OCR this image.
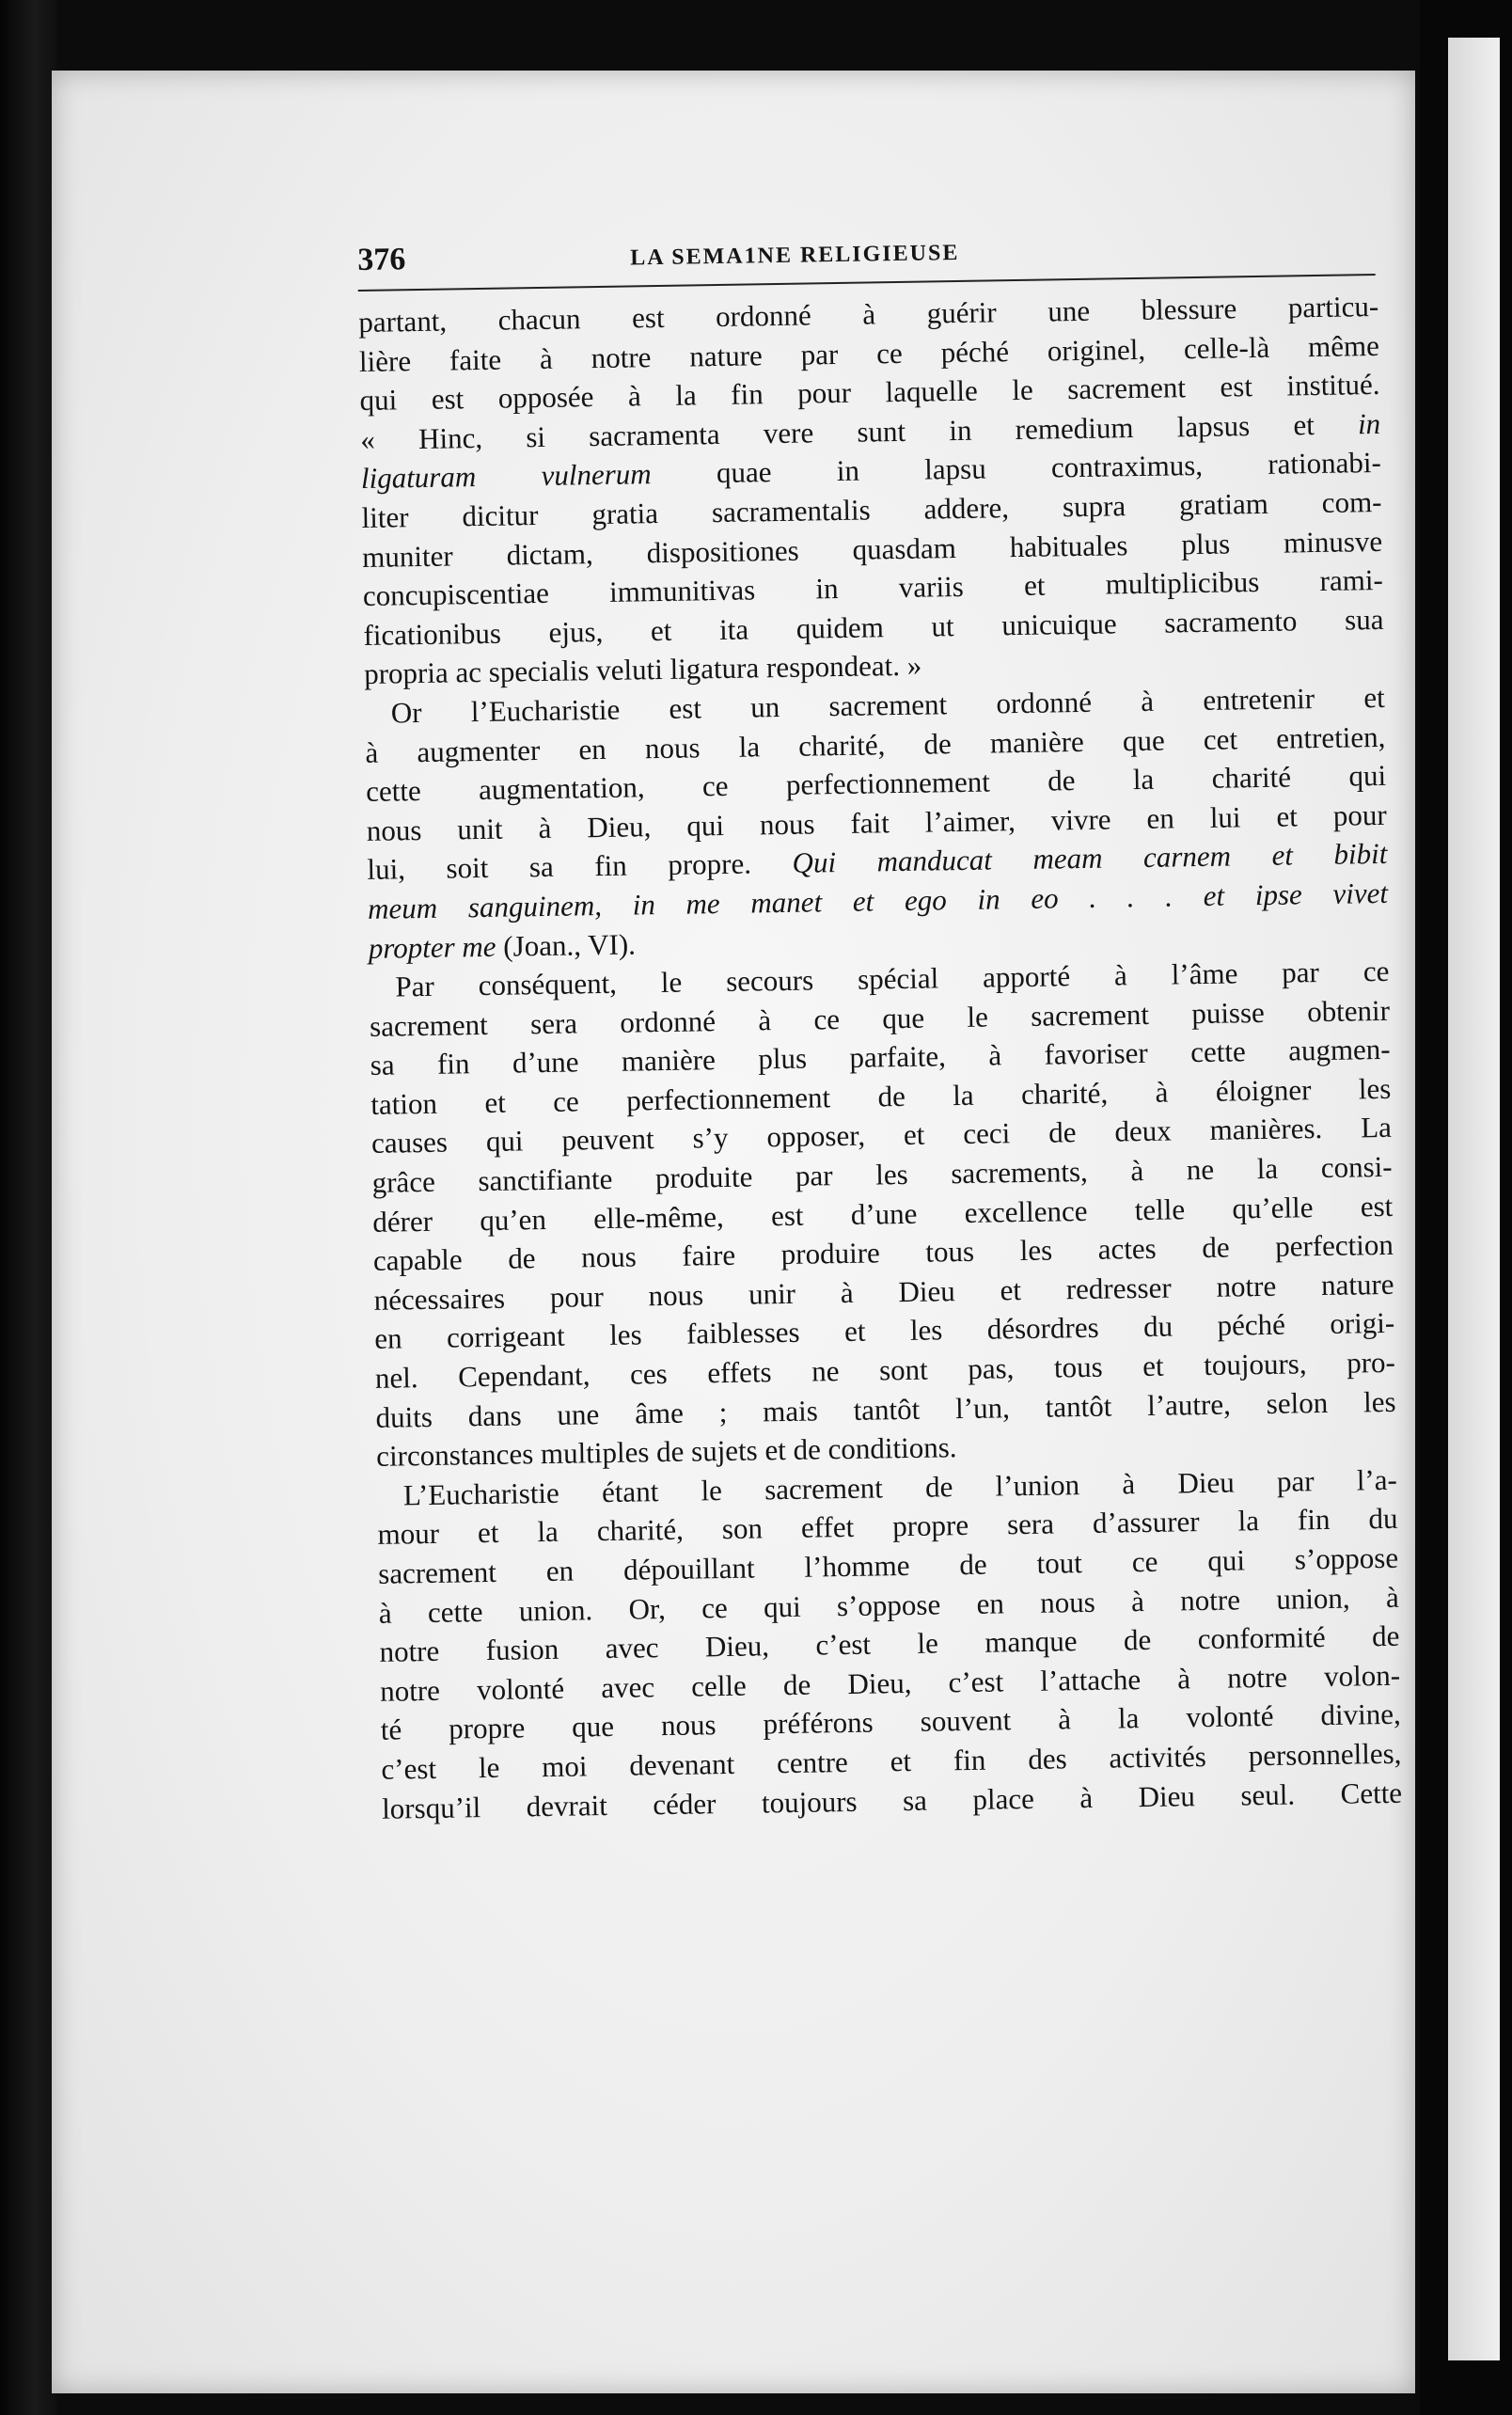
376	LA SEMA1NE RELIGIEUSE
partant, chacun est ordonné à guérir une blessure particu-
lière faite à notre nature par ce péché originel, celle-là même
qui est opposée à la fin pour laquelle le sacrement est institué.
« Hinc, si sacramenta vere sunt in remedium lapsus et in
ligaturam vulnerum quae in lapsu contraximus, rationabi-
liter dicitur gratia sacramentalis addere, supra gratiam com-
muniter dictam, dispositiones quasdam habituales plus minusve
concupiscentiae immunitivas in variis et multiplicibus rami-
ficationibus ejus, et ita quidem ut unicuique sacramento sua
propria ac specialis veluti ligatura respondeat. »
Or l’Eucharistie est un sacrement ordonné à entretenir et
à augmenter en nous la charité, de manière que cet entretien,
cette augmentation, ce perfectionnement de la charité qui
nous unit à Dieu, qui nous fait l’aimer, vivre en lui et pour
lui, soit sa fin propre. Qui manducat meam carnem et bibit
meum sanguinem, in me manet et ego in eo . . . et ipse vivet
propter me (Joan., VI).
Par conséquent, le secours spécial apporté à l’âme par ce
sacrement sera ordonné à ce que le sacrement puisse obtenir
sa fin d’une manière plus parfaite, à favoriser cette augmen-
tation et ce perfectionnement de la charité, à éloigner les
causes qui peuvent s’y opposer, et ceci de deux manières. La
grâce sanctifiante produite par les sacrements, à ne la consi-
dérer qu’en elle-même, est d’une excellence telle qu’elle est
capable de nous faire produire tous les actes de perfection
nécessaires pour nous unir à Dieu et redresser notre nature
en corrigeant les faiblesses et les désordres du péché origi-
nel. Cependant, ces effets ne sont pas, tous et toujours, pro-
duits dans une âme ; mais tantôt l’un, tantôt l’autre, selon les
circonstances multiples de sujets et de conditions.
L’Eucharistie étant le sacrement de l’union à Dieu par l’a-
mour et la charité, son effet propre sera d’assurer la fin du
sacrement en dépouillant l’homme de tout ce qui s’oppose
à cette union. Or, ce qui s’oppose en nous à notre union, à
notre fusion avec Dieu, c’est le manque de conformité de
notre volonté avec celle de Dieu, c’est l’attache à notre volon-
té propre que nous préférons souvent à la volonté divine,
c’est le moi devenant centre et fin des activités personnelles,
lorsqu’il devrait céder toujours sa place à Dieu seul. Cette
